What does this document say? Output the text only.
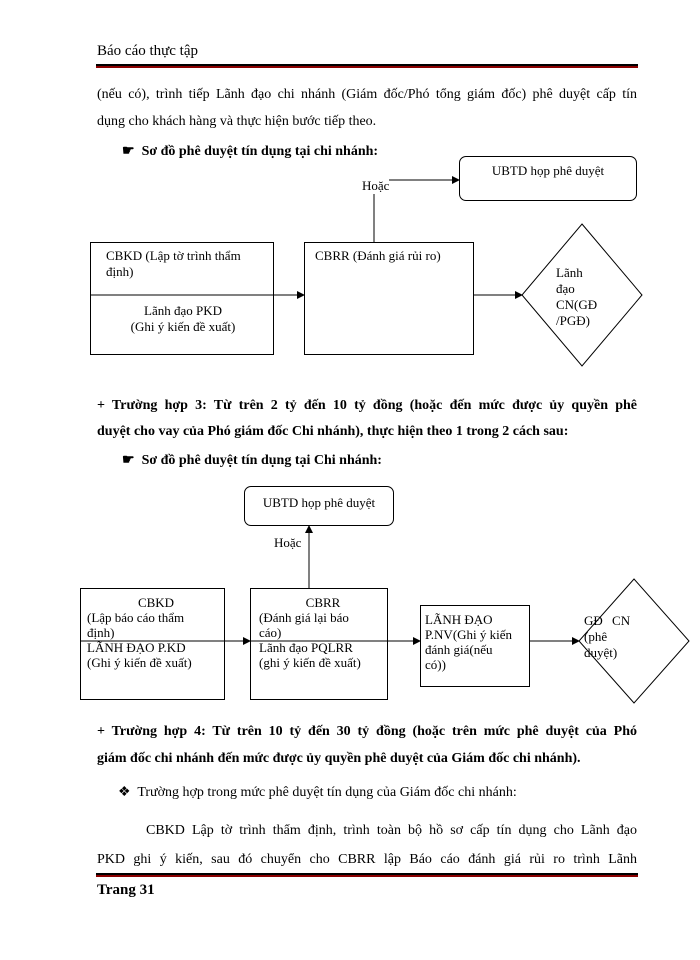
Báo cáo thực tập
(nếu có), trình tiếp Lãnh đạo chi nhánh (Giám đốc/Phó tổng giám đốc) phê duyệt cấp tín
dụng cho khách hàng và thực hiện bước tiếp theo.
☛ Sơ đồ phê duyệt tín dụng tại chi nhánh:
UBTD họp phê duyệt
Hoặc
CBKD (Lập tờ trình thẩm
định)
Lãnh đạo PKD
(Ghi ý kiến đề xuất)
CBRR (Đánh giá rủi ro)
Lãnh
đạo
CN(GĐ
/PGĐ)
+ Trường hợp 3: Từ trên 2 tỷ đến 10 tỷ đồng (hoặc đến mức được ủy quyền phê
duyệt cho vay của Phó giám đốc Chi nhánh), thực hiện theo 1 trong 2 cách sau:
☛ Sơ đồ phê duyệt tín dụng tại Chi nhánh:
UBTD họp phê duyệt
Hoặc
CBKD
(Lập báo cáo thẩm
định)
LÃNH ĐẠO P.KD
(Ghi ý kiến đề xuất)
CBRR
(Đánh giá lại báo
cáo)
Lãnh đạo PQLRR
(ghi ý kiến đề xuất)
LÃNH ĐẠO
P.NV(Ghi ý kiến
đánh giá(nếu
có))
GĐ CN
(phê
duyệt)
+ Trường hợp 4: Từ trên 10 tỷ đến 30 tỷ đồng (hoặc trên mức phê duyệt của Phó
giám đốc chi nhánh đến mức được ủy quyền phê duyệt của Giám đốc chi nhánh).
❖ Trường hợp trong mức phê duyệt tín dụng của Giám đốc chi nhánh:
CBKD Lập tờ trình thẩm định, trình toàn bộ hồ sơ cấp tín dụng cho Lãnh đạo
PKD ghi ý kiến, sau đó chuyển cho CBRR lập Báo cáo đánh giá rủi ro trình Lãnh
Trang 31
